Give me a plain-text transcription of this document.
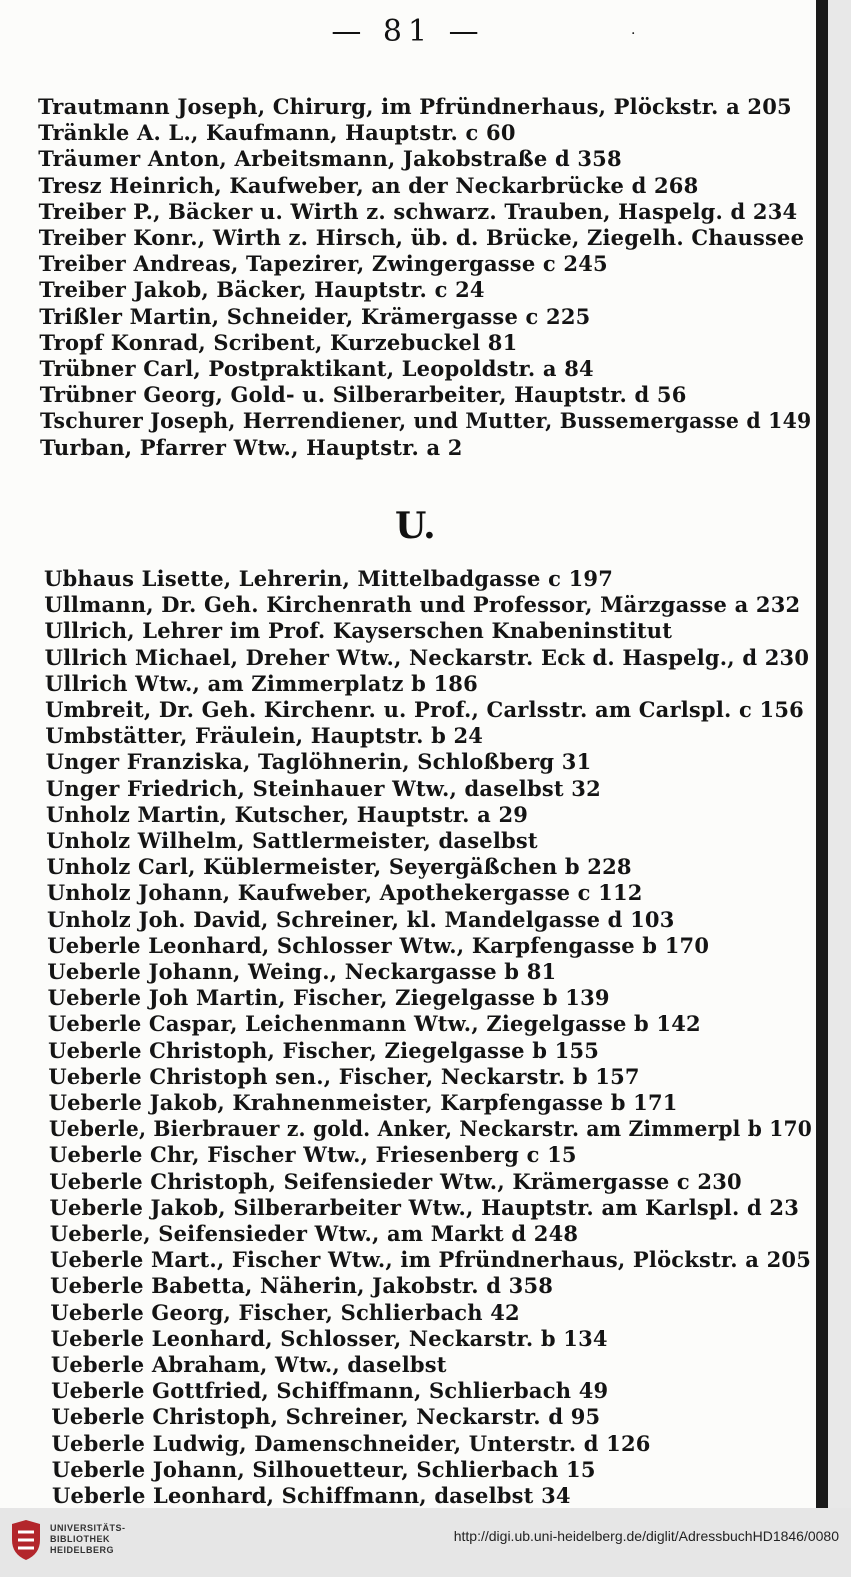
— 81 —	·
Trautmann Joseph, Chirurg, im Pfründnerhaus, Plöckstr. a 205
Tränkle A. L., Kaufmann, Hauptstr. c 60
Träumer Anton, Arbeitsmann, Jakobstraße d 358
Tresz Heinrich, Kaufweber, an der Neckarbrücke d 268
Treiber P., Bäcker u. Wirth z. schwarz. Trauben, Haspelg. d 234
Treiber Konr., Wirth z. Hirsch, üb. d. Brücke, Ziegelh. Chaussee
Treiber Andreas, Tapezirer, Zwingergasse c 245
Treiber Jakob, Bäcker, Hauptstr. c 24
Trißler Martin, Schneider, Krämergasse c 225
Tropf Konrad, Scribent, Kurzebuckel 81
Trübner Carl, Postpraktikant, Leopoldstr. a 84
Trübner Georg, Gold- u. Silberarbeiter, Hauptstr. d 56
Tschurer Joseph, Herrendiener, und Mutter, Bussemergasse d 149
Turban, Pfarrer Wtw., Hauptstr. a 2
U.
Ubhaus Lisette, Lehrerin, Mittelbadgasse c 197
Ullmann, Dr. Geh. Kirchenrath und Professor, Märzgasse a 232
Ullrich, Lehrer im Prof. Kayserschen Knabeninstitut
Ullrich Michael, Dreher Wtw., Neckarstr. Eck d. Haspelg., d 230
Ullrich Wtw., am Zimmerplatz b 186
Umbreit, Dr. Geh. Kirchenr. u. Prof., Carlsstr. am Carlspl. c 156
Umbstätter, Fräulein, Hauptstr. b 24
Unger Franziska, Taglöhnerin, Schloßberg 31
Unger Friedrich, Steinhauer Wtw., daselbst 32
Unholz Martin, Kutscher, Hauptstr. a 29
Unholz Wilhelm, Sattlermeister, daselbst
Unholz Carl, Küblermeister, Seyergäßchen b 228
Unholz Johann, Kaufweber, Apothekergasse c 112
Unholz Joh. David, Schreiner, kl. Mandelgasse d 103
Ueberle Leonhard, Schlosser Wtw., Karpfengasse b 170
Ueberle Johann, Weing., Neckargasse b 81
Ueberle Joh Martin, Fischer, Ziegelgasse b 139
Ueberle Caspar, Leichenmann Wtw., Ziegelgasse b 142
Ueberle Christoph, Fischer, Ziegelgasse b 155
Ueberle Christoph sen., Fischer, Neckarstr. b 157
Ueberle Jakob, Krahnenmeister, Karpfengasse b 171
Ueberle, Bierbrauer z. gold. Anker, Neckarstr. am Zimmerpl b 170
Ueberle Chr, Fischer Wtw., Friesenberg c 15
Ueberle Christoph, Seifensieder Wtw., Krämergasse c 230
Ueberle Jakob, Silberarbeiter Wtw., Hauptstr. am Karlspl. d 23
Ueberle, Seifensieder Wtw., am Markt d 248
Ueberle Mart., Fischer Wtw., im Pfründnerhaus, Plöckstr. a 205
Ueberle Babetta, Näherin, Jakobstr. d 358
Ueberle Georg, Fischer, Schlierbach 42
Ueberle Leonhard, Schlosser, Neckarstr. b 134
Ueberle Abraham, Wtw., daselbst
Ueberle Gottfried, Schiffmann, Schlierbach 49
Ueberle Christoph, Schreiner, Neckarstr. d 95
Ueberle Ludwig, Damenschneider, Unterstr. d 126
Ueberle Johann, Silhouetteur, Schlierbach 15
Ueberle Leonhard, Schiffmann, daselbst 34
UNIVERSITÄTS-
BIBLIOTHEK
HEIDELBERG
http://digi.ub.uni-heidelberg.de/diglit/AdressbuchHD1846/0080
